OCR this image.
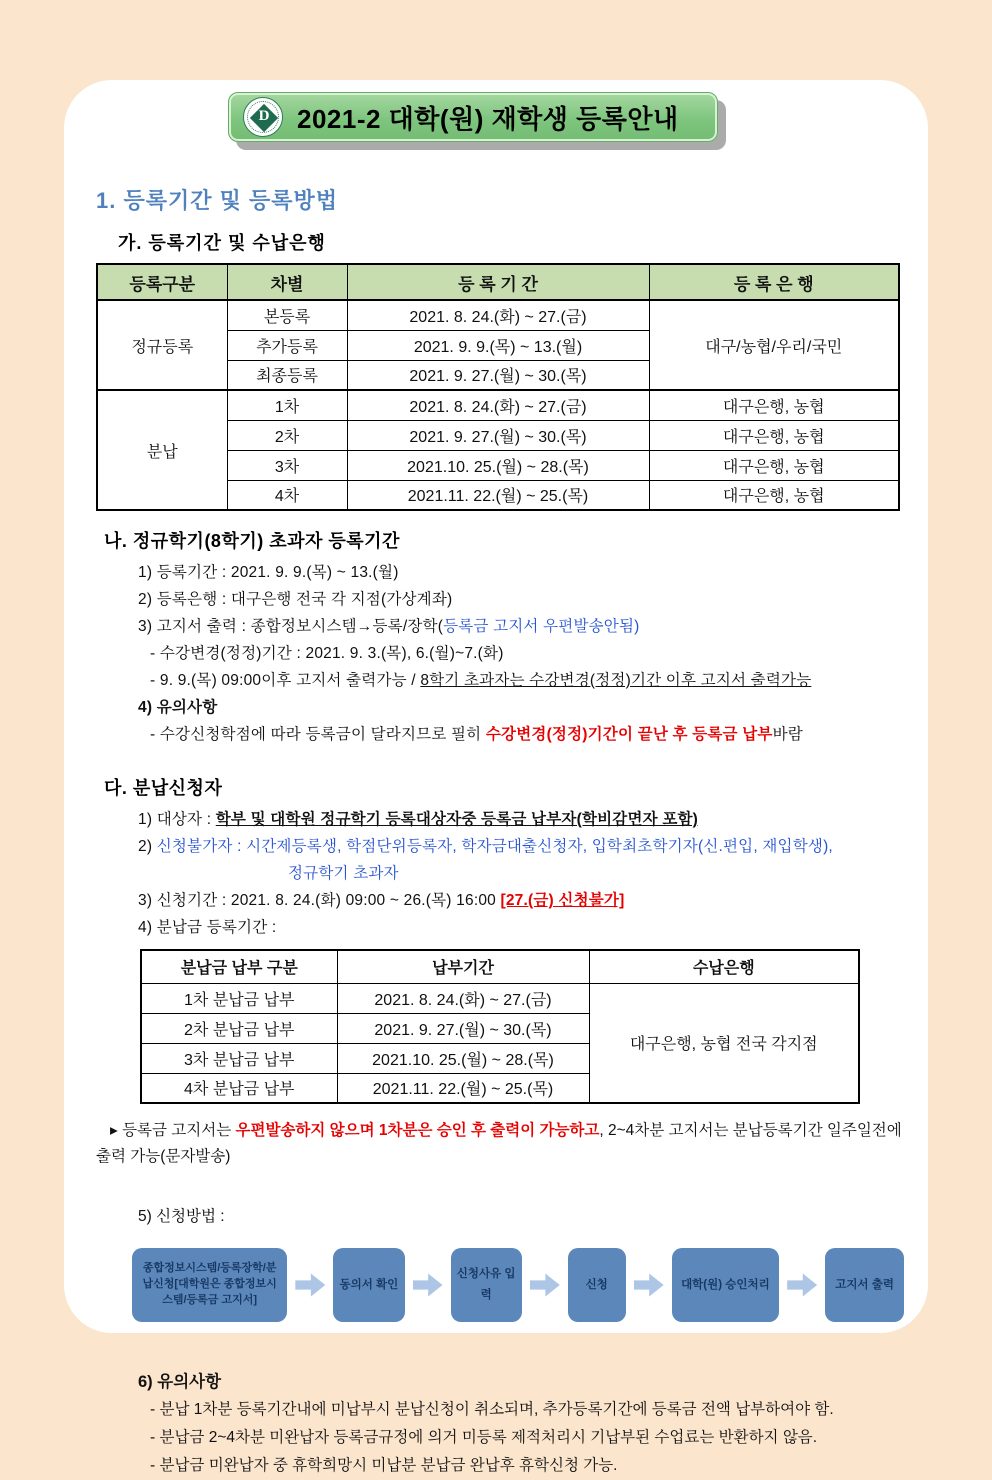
D	2021-2 대학(원) 재학생 등록안내
1. 등록기간 및 등록방법
가. 등록기간 및 수납은행
등록구분	차별	등 록 기 간	등 록 은 행
정규등록	본등록	2021. 8. 24.(화) ~ 27.(금)	대구/농협/우리/국민
	추가등록	2021. 9. 9.(목) ~ 13.(월)	
	최종등록	2021. 9. 27.(월) ~ 30.(목)	
분납	1차	2021. 8. 24.(화) ~ 27.(금)	대구은행, 농협
	2차	2021. 9. 27.(월) ~ 30.(목)	대구은행, 농협
	3차	2021.10. 25.(월) ~ 28.(목)	대구은행, 농협
	4차	2021.11. 22.(월) ~ 25.(목)	대구은행, 농협
나. 정규학기(8학기) 초과자 등록기간
1) 등록기간 : 2021. 9. 9.(목) ~ 13.(월)
2) 등록은행 : 대구은행 전국 각 지점(가상계좌)
3) 고지서 출력 : 종합정보시스템→등록/장학(등록금 고지서 우편발송안됨)
- 수강변경(정정)기간 : 2021. 9. 3.(목), 6.(월)~7.(화)
- 9. 9.(목) 09:00이후 고지서 출력가능 / 8학기 초과자는 수강변경(정정)기간 이후 고지서 출력가능
4) 유의사항
- 수강신청학점에 따라 등록금이 달라지므로 필히 수강변경(정정)기간이 끝난 후 등록금 납부바람
다. 분납신청자
1) 대상자 : 학부 및 대학원 정규학기 등록대상자중 등록금 납부자(학비감면자 포함)
2) 신청불가자 : 시간제등록생, 학점단위등록자, 학자금대출신청자, 입학최초학기자(신.편입, 재입학생),
정규학기 초과자
3) 신청기간 : 2021. 8. 24.(화) 09:00 ~ 26.(목) 16:00 [27.(금) 신청불가]
4) 분납금 등록기간 :
분납금 납부 구분	납부기간	수납은행
1차 분납금 납부	2021. 8. 24.(화) ~ 27.(금)	대구은행, 농협 전국 각지점
2차 분납금 납부	2021. 9. 27.(월) ~ 30.(목)	
3차 분납금 납부	2021.10. 25.(월) ~ 28.(목)	
4차 분납금 납부	2021.11. 22.(월) ~ 25.(목)	

▸ 등록금 고지서는 우편발송하지 않으며 1차분은 승인 후 출력이 가능하고, 2~4차분 고지서는 분납등록기간 일주일전에 출력 가능(문자발송)

5) 신청방법 :
종합정보시스템/등록장학/분납신청[대학원은 종합정보시스템/등록금 고지서]
동의서 확인
신청사유 입력
신청	대학(원) 승인처리	고지서 출력
6) 유의사항
- 분납 1차분 등록기간내에 미납부시 분납신청이 취소되며, 추가등록기간에 등록금 전액 납부하여야 함.
- 분납금 2~4차분 미완납자 등록금규정에 의거 미등록 제적처리시 기납부된 수업료는 반환하지 않음.
- 분납금 미완납자 중 휴학희망시 미납분 분납금 완납후 휴학신청 가능.
